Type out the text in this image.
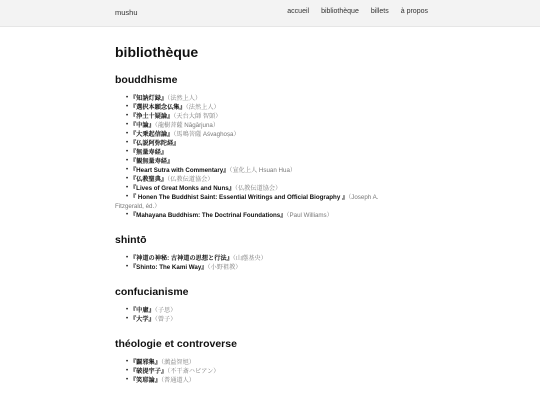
mushu	accueil bibliothèque billets à propos
bibliothèque
bouddhisme
• 『知訥灯録』（法然上人）
• 『選択本願念仏集』（法然上人）
• 『浄土十疑論』（天台大師 智顗）
• 『中論』（龍樹菩薩 Nāgārjuna）
• 『大乗起信論』（馬鳴菩薩 Aśvaghoṣa）
• 『仏説阿弥陀経』
• 『無量寿経』
• 『観無量寿経』
• 『Heart Sutra with Commentary』（宣化上人 Hsuan Hua）
• 『仏教聖典』（仏教伝道協会）
• 『Lives of Great Monks and Nuns』（仏教伝道協会）
• 『 Honen The Buddhist Saint: Essential Writings and Official Biography 』（Joseph A.
Fitzgerald, éd.）
• 『Mahayana Buddhism: The Doctrinal Foundations』（Paul Williams）
shintō
• 『神道の神秘: 古神道の思想と行法』（山蔭基央）
• 『Shinto: The Kami Way』（小野祖教）
confucianisme
• 『中庸』（子思）
• 『大学』（曾子）
théologie et controverse
• 『闢邪集』（蕅益智旭）
• 『破提宇子』（不干斎ハビアン）
• 『笑耶論』（普通道人）
